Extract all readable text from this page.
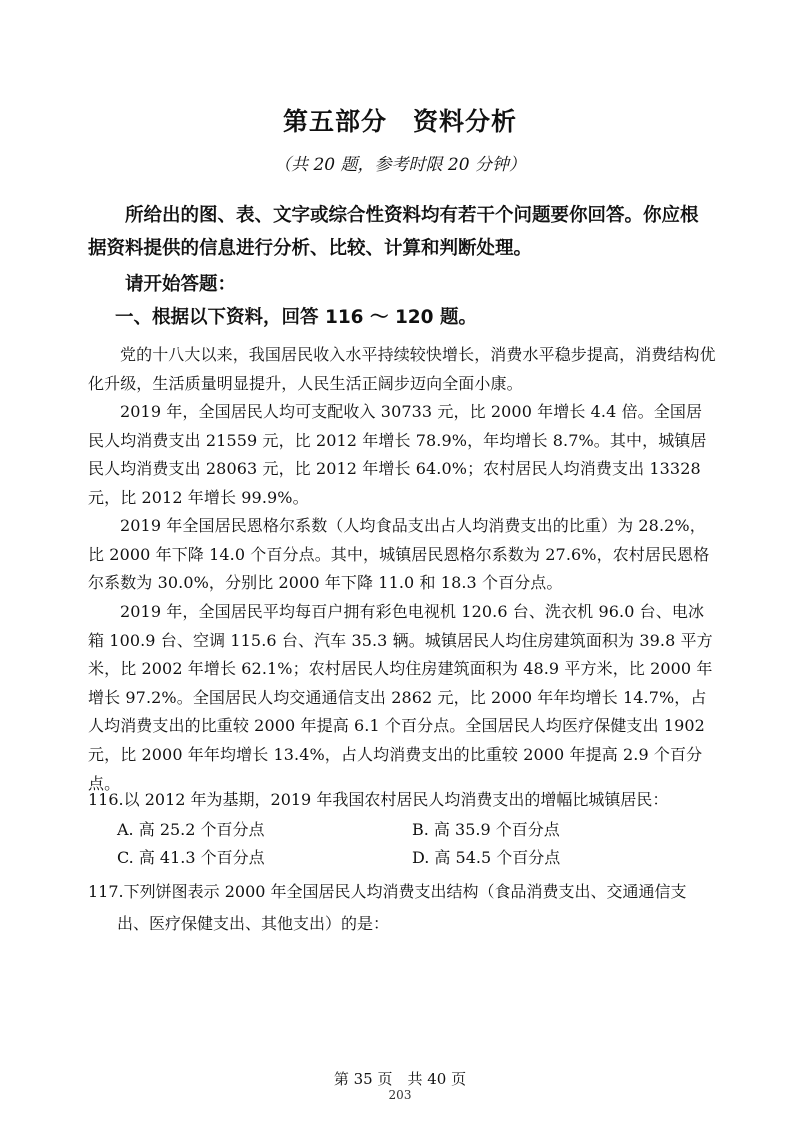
第五部分　资料分析
（共 20 题，参考时限 20 分钟）
所给出的图、表、文字或综合性资料均有若干个问题要你回答。你应根据资料提供的信息进行分析、比较、计算和判断处理。
请开始答题：
一、根据以下资料，回答 116 ～ 120 题。
党的十八大以来，我国居民收入水平持续较快增长，消费水平稳步提高，消费结构优化升级，生活质量明显提升，人民生活正阔步迈向全面小康。
2019 年，全国居民人均可支配收入 30733 元，比 2000 年增长 4.4 倍。全国居民人均消费支出 21559 元，比 2012 年增长 78.9%，年均增长 8.7%。其中，城镇居民人均消费支出 28063 元，比 2012 年增长 64.0%；农村居民人均消费支出 13328 元，比 2012 年增长 99.9%。
2019 年全国居民恩格尔系数（人均食品支出占人均消费支出的比重）为 28.2%，比 2000 年下降 14.0 个百分点。其中，城镇居民恩格尔系数为 27.6%，农村居民恩格尔系数为 30.0%，分别比 2000 年下降 11.0 和 18.3 个百分点。
2019 年，全国居民平均每百户拥有彩色电视机 120.6 台、洗衣机 96.0 台、电冰箱 100.9 台、空调 115.6 台、汽车 35.3 辆。城镇居民人均住房建筑面积为 39.8 平方米，比 2002 年增长 62.1%；农村居民人均住房建筑面积为 48.9 平方米，比 2000 年增长 97.2%。全国居民人均交通通信支出 2862 元，比 2000 年年均增长 14.7%，占人均消费支出的比重较 2000 年提高 6.1 个百分点。全国居民人均医疗保健支出 1902 元，比 2000 年年均增长 13.4%，占人均消费支出的比重较 2000 年提高 2.9 个百分点。
116.以 2012 年为基期，2019 年我国农村居民人均消费支出的增幅比城镇居民：
A. 高 25.2 个百分点	B. 高 35.9 个百分点
C. 高 41.3 个百分点	D. 高 54.5 个百分点
117.下列饼图表示 2000 年全国居民人均消费支出结构（食品消费支出、交通通信支
出、医疗保健支出、其他支出）的是：
第 35 页　共 40 页
203
